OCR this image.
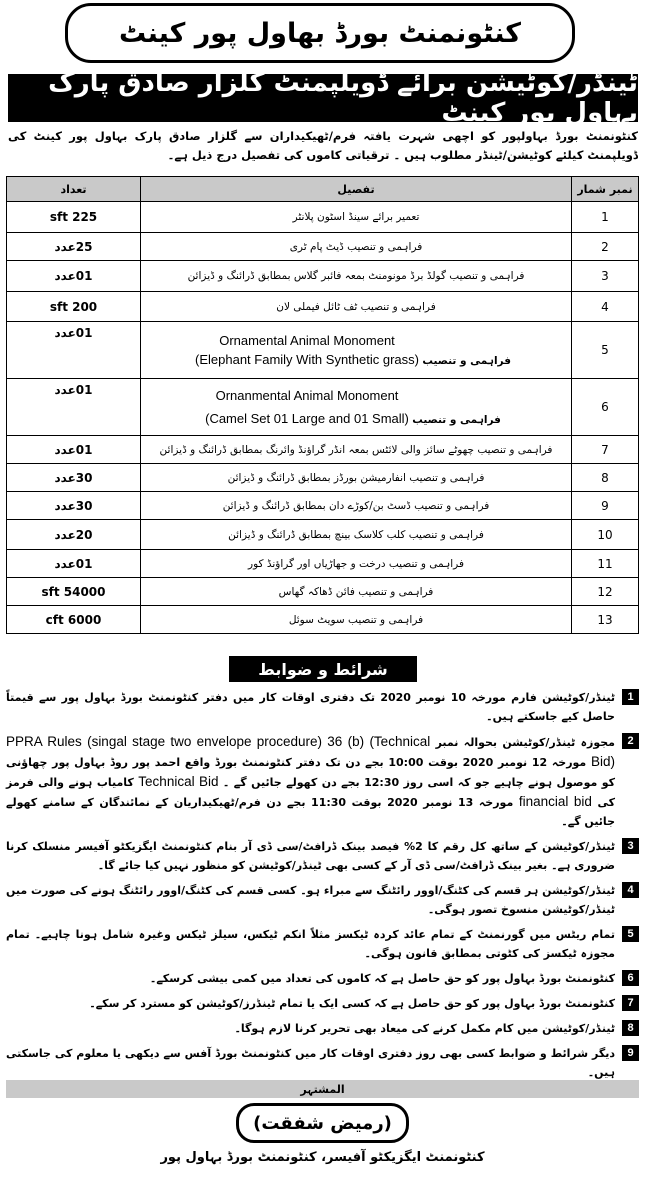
کنٹونمنٹ بورڈ بھاول پور کینٹ
ٹینڈر/کوٹیشن برائے ڈویلپمنٹ گلزار صادق پارک بہاول پور کینٹ
کنٹونمنٹ بورڈ بہاولپور کو اچھی شہرت یافتہ فرم/ٹھیکیداران سے گلزار صادق پارک بہاول پور کینٹ کی ڈویلپمنٹ کیلئے کوٹیشن/ٹینڈر مطلوب ہیں ۔ ترقیاتی کاموں کی تفصیل درج ذیل ہے۔
نمبر شمار	تفصیل	تعداد
1	تعمیر برائے سینڈ اسٹون پلانٹر	sft 225
2	فراہمی و تنصیب ڈیٹ پام ٹری	25عدد
3	فراہمی و تنصیب گولڈ برڈ مونومنٹ بمعہ فائبر گلاس بمطابق ڈرائنگ و ڈیزائن	01عدد
4	فراہمی و تنصیب ٹف ٹائل فیملی لان	sft 200
5	فراہمی و تنصیب
Ornamental Animal Monoment
(Elephant Family With Synthetic grass)	01عدد
6	فراہمی و تنصیب
Ornanmental Animal Monoment
(Camel Set 01 Large and 01 Small)	01عدد
7	فراہمی و تنصیب چھوٹے سائز والی لائٹس بمعہ انڈر گراؤنڈ وائرنگ بمطابق ڈرائنگ و ڈیزائن	01عدد
8	فراہمی و تنصیب انفارمیشن بورڈز بمطابق ڈرائنگ و ڈیزائن	30عدد
9	فراہمی و تنصیب ڈسٹ بن/کوڑے دان بمطابق ڈرائنگ و ڈیزائن	30عدد
10	فراہمی و تنصیب کلب کلاسک بینچ بمطابق ڈرائنگ و ڈیزائن	20عدد
11	فراہمی و تنصیب درخت و جھاڑیاں اور گراؤنڈ کور	01عدد
12	فراہمی و تنصیب فائن ڈھاکہ گھاس	sft 54000
13	فراہمی و تنصیب سویٹ سوئل	cft 6000
شرائط و ضوابط
1
ٹینڈر/کوٹیشن فارم مورخہ 10 نومبر 2020 تک دفتری اوقات کار میں دفتر کنٹونمنٹ بورڈ بہاول پور سے قیمتاً حاصل کیے جاسکتے ہیں۔
2
مجوزہ ٹینڈر/کوٹیشن بحوالہ نمبر PPRA Rules (singal stage two envelope procedure) 36 (b) (Technical Bid) مورخہ 12 نومبر 2020 بوقت 10:00 بجے دن تک دفتر کنٹونمنٹ بورڈ واقع احمد پور روڈ بہاول پور چھاؤنی کو موصول ہونے چاہیے جو کہ اسی روز 12:30 بجے دن کھولے جائیں گے ۔ Technical Bid کامیاب ہونے والی فرمز کی financial bid مورخہ 13 نومبر 2020 بوقت 11:30 بجے دن فرم/ٹھیکیداریان کے نمائندگان کے سامنے کھولے جائیں گے۔
3
ٹینڈر/کوٹیشن کے ساتھ کل رقم کا 2% فیصد بینک ڈرافٹ/سی ڈی آر بنام کنٹونمنٹ ایگزیکٹو آفیسر منسلک کرنا ضروری ہے۔ بغیر بینک ڈرافٹ/سی ڈی آر کے کسی بھی ٹینڈر/کوٹیشن کو منظور نہیں کیا جائے گا۔
4
ٹینڈر/کوٹیشن ہر قسم کی کٹنگ/اوور رائٹنگ سے مبراء ہو۔ کسی قسم کی کٹنگ/اوور رائٹنگ ہونے کی صورت میں ٹینڈر/کوٹیشن منسوخ تصور ہوگی۔
5
تمام ریٹس میں گورنمنٹ کے تمام عائد کردہ ٹیکسز مثلاً انکم ٹیکس، سیلز ٹیکس وغیرہ شامل ہونا چاہیے۔ تمام مجوزہ ٹیکسز کی کٹوتی بمطابق قانون ہوگی۔
6
کنٹونمنٹ بورڈ بہاول پور کو حق حاصل ہے کہ کاموں کی تعداد میں کمی بیشی کرسکے۔
7
کنٹونمنٹ بورڈ بہاول پور کو حق حاصل ہے کہ کسی ایک یا تمام ٹینڈرز/کوٹیشن کو مسترد کر سکے۔
8
ٹینڈر/کوٹیشن میں کام مکمل کرنے کی میعاد بھی تحریر کرنا لازم ہوگا۔
9
دیگر شرائط و ضوابط کسی بھی روز دفتری اوقات کار میں کنٹونمنٹ بورڈ آفس سے دیکھی یا معلوم کی جاسکتی ہیں۔
المشتہر
(رمیض شفقت)
کنٹونمنٹ ایگزیکٹو آفیسر، کنٹونمنٹ بورڈ بہاول پور
